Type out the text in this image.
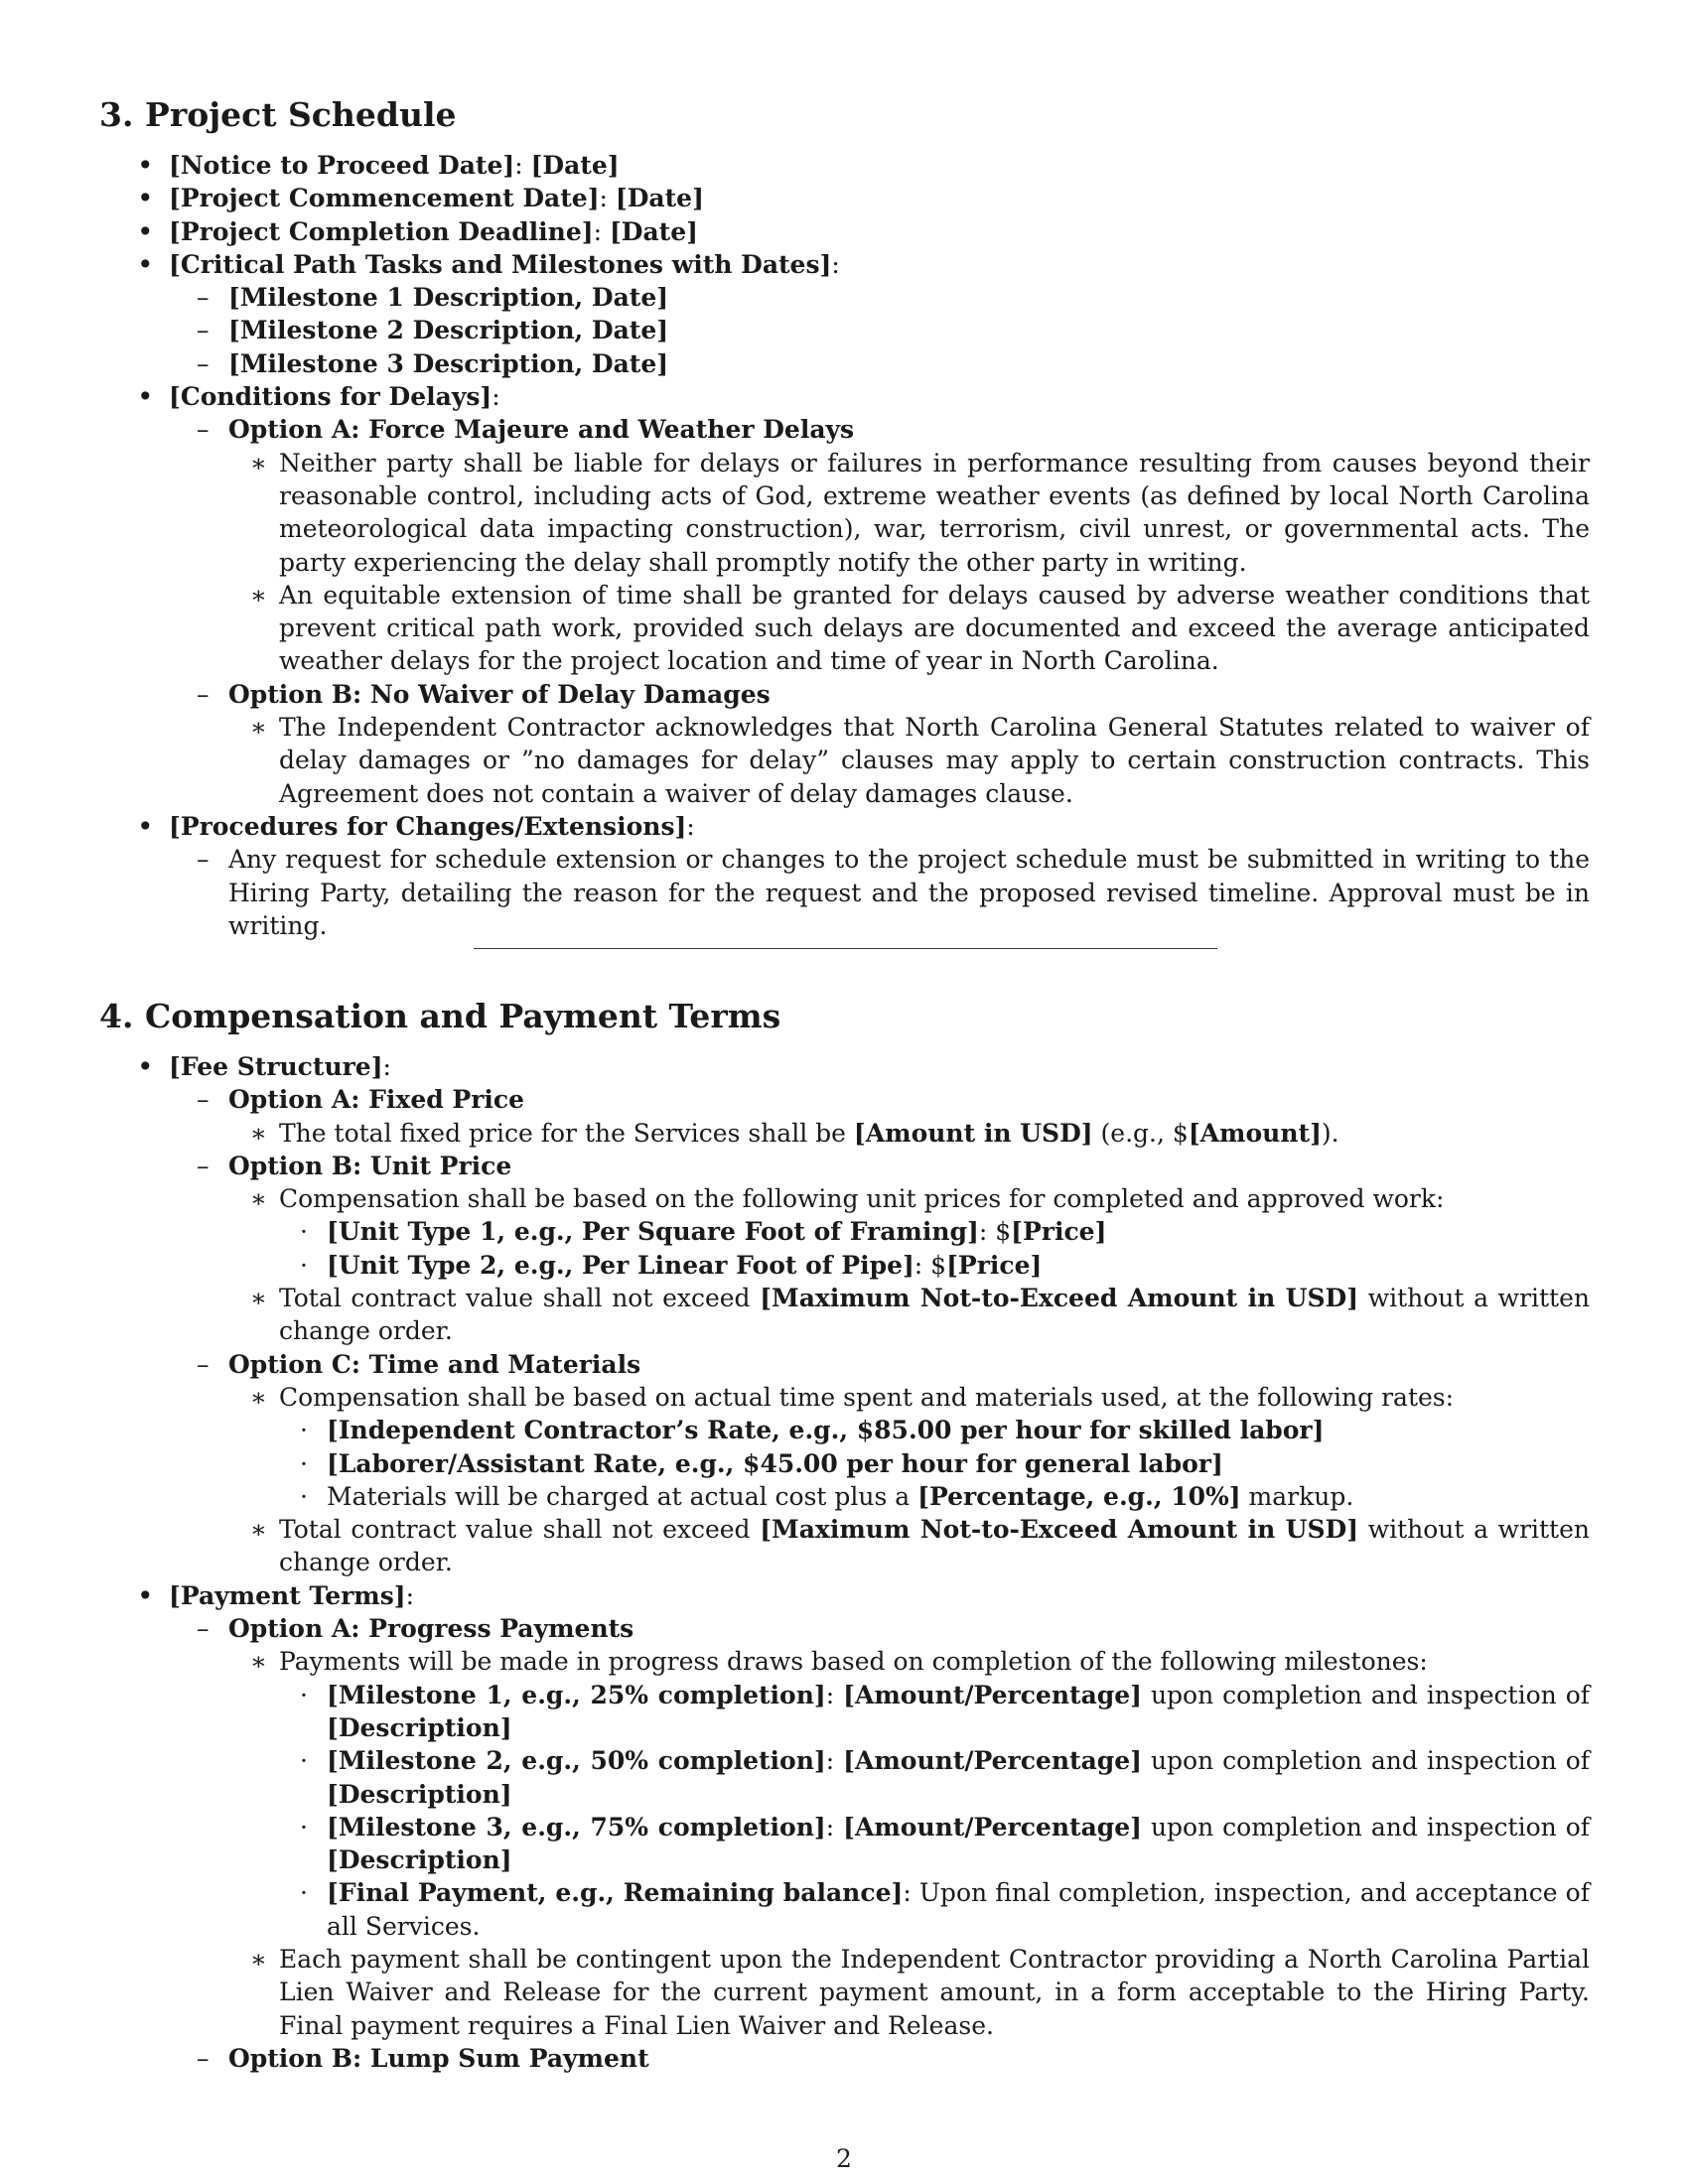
3. Project Schedule
• [Notice to Proceed Date]: [Date]
• [Project Commencement Date]: [Date]
• [Project Completion Deadline]: [Date]
• [Critical Path Tasks and Milestones with Dates]:
– [Milestone 1 Description, Date]
– [Milestone 2 Description, Date]
– [Milestone 3 Description, Date]
• [Conditions for Delays]:
– Option A: Force Majeure and Weather Delays
∗ Neither party shall be liable for delays or failures in performance resulting from causes beyond their reasonable control, including acts of God, extreme weather events (as defined by local North Carolina meteorological data impacting construction), war, terrorism, civil unrest, or governmental acts. The party experiencing the delay shall promptly notify the other party in writing.
∗ An equitable extension of time shall be granted for delays caused by adverse weather conditions that prevent critical path work, provided such delays are documented and exceed the average anticipated weather delays for the project location and time of year in North Carolina.
– Option B: No Waiver of Delay Damages
∗ The Independent Contractor acknowledges that North Carolina General Statutes related to waiver of delay damages or ”no damages for delay” clauses may apply to certain construction contracts. This Agreement does not contain a waiver of delay damages clause.
• [Procedures for Changes/Extensions]:
– Any request for schedule extension or changes to the project schedule must be submitted in writing to the Hiring Party, detailing the reason for the request and the proposed revised timeline. Approval must be in writing.
4. Compensation and Payment Terms
• [Fee Structure]:
– Option A: Fixed Price
∗ The total fixed price for the Services shall be [Amount in USD] (e.g., $[Amount]).
– Option B: Unit Price
∗ Compensation shall be based on the following unit prices for completed and approved work:
· [Unit Type 1, e.g., Per Square Foot of Framing]: $[Price]
· [Unit Type 2, e.g., Per Linear Foot of Pipe]: $[Price]
∗ Total contract value shall not exceed [Maximum Not-to-Exceed Amount in USD] without a written change order.
– Option C: Time and Materials
∗ Compensation shall be based on actual time spent and materials used, at the following rates:
· [Independent Contractor’s Rate, e.g., $85.00 per hour for skilled labor]
· [Laborer/Assistant Rate, e.g., $45.00 per hour for general labor]
· Materials will be charged at actual cost plus a [Percentage, e.g., 10%] markup.
∗ Total contract value shall not exceed [Maximum Not-to-Exceed Amount in USD] without a written change order.
• [Payment Terms]:
– Option A: Progress Payments
∗ Payments will be made in progress draws based on completion of the following milestones:
· [Milestone 1, e.g., 25% completion]: [Amount/Percentage] upon completion and inspection of [Description]
· [Milestone 2, e.g., 50% completion]: [Amount/Percentage] upon completion and inspection of [Description]
· [Milestone 3, e.g., 75% completion]: [Amount/Percentage] upon completion and inspection of [Description]
· [Final Payment, e.g., Remaining balance]: Upon final completion, inspection, and acceptance of all Services.
∗ Each payment shall be contingent upon the Independent Contractor providing a North Carolina Partial Lien Waiver and Release for the current payment amount, in a form acceptable to the Hiring Party. Final payment requires a Final Lien Waiver and Release.
– Option B: Lump Sum Payment
2
